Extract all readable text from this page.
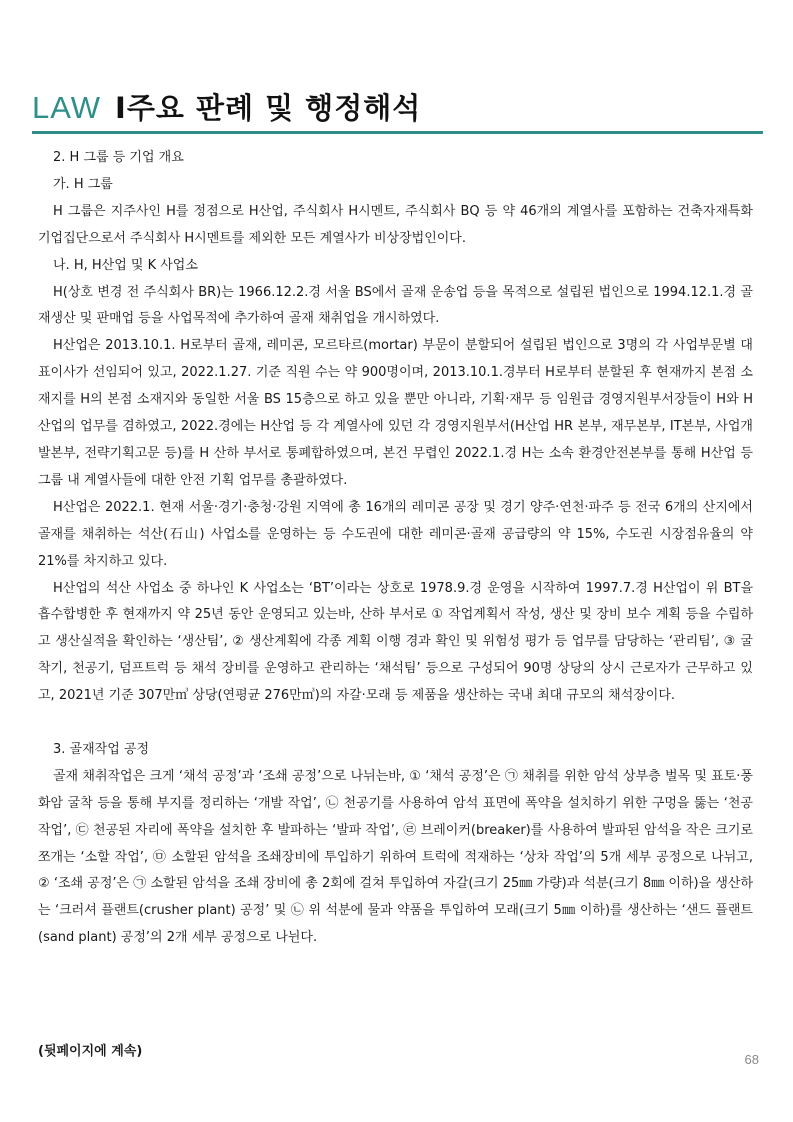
LAW Ⅰ주요 판례 및 행정해석

2. H 그룹 등 기업 개요

가. H 그룹

H 그룹은 지주사인 H를 정점으로 H산업, 주식회사 H시멘트, 주식회사 BQ 등 약 46개의 계열사를 포함하는 건축자재특화 기업집단으로서 주식회사 H시멘트를 제외한 모든 계열사가 비상장법인이다.

나. H, H산업 및 K 사업소

H(상호 변경 전 주식회사 BR)는 1966.12.2.경 서울 BS에서 골재 운송업 등을 목적으로 설립된 법인으로 1994.12.1.경 골재생산 및 판매업 등을 사업목적에 추가하여 골재 채취업을 개시하였다.

H산업은 2013.10.1. H로부터 골재, 레미콘, 모르타르(mortar) 부문이 분할되어 설립된 법인으로 3명의 각 사업부문별 대표이사가 선임되어 있고, 2022.1.27. 기준 직원 수는 약 900명이며, 2013.10.1.경부터 H로부터 분할된 후 현재까지 본점 소재지를 H의 본점 소재지와 동일한 서울 BS 15층으로 하고 있을 뿐만 아니라, 기획·재무 등 임원급 경영지원부서장들이 H와 H산업의 업무를 겸하였고, 2022.경에는 H산업 등 각 계열사에 있던 각 경영지원부서(H산업 HR 본부, 재무본부, IT본부, 사업개발본부, 전략기획고문 등)를 H 산하 부서로 통폐합하였으며, 본건 무렵인 2022.1.경 H는 소속 환경안전본부를 통해 H산업 등 그룹 내 계열사들에 대한 안전 기획 업무를 총괄하였다.

H산업은 2022.1. 현재 서울·경기·충청·강원 지역에 총 16개의 레미콘 공장 및 경기 양주·연천·파주 등 전국 6개의 산지에서 골재를 채취하는 석산(石山) 사업소를 운영하는 등 수도권에 대한 레미콘·골재 공급량의 약 15%, 수도권 시장점유율의 약 21%를 차지하고 있다.

H산업의 석산 사업소 중 하나인 K 사업소는 ‘BT’이라는 상호로 1978.9.경 운영을 시작하여 1997.7.경 H산업이 위 BT을 흡수합병한 후 현재까지 약 25년 동안 운영되고 있는바, 산하 부서로 ① 작업계획서 작성, 생산 및 장비 보수 계획 등을 수립하고 생산실적을 확인하는 ‘생산팀’, ② 생산계획에 각종 계획 이행 경과 확인 및 위험성 평가 등 업무를 담당하는 ‘관리팀’, ③ 굴착기, 천공기, 덤프트럭 등 채석 장비를 운영하고 관리하는 ‘채석팀’ 등으로 구성되어 90명 상당의 상시 근로자가 근무하고 있고, 2021년 기준 307만㎥ 상당(연평균 276만㎥)의 자갈·모래 등 제품을 생산하는 국내 최대 규모의 채석장이다.

3. 골재작업 공정

골재 채취작업은 크게 ‘채석 공정’과 ‘조쇄 공정’으로 나뉘는바, ① ‘채석 공정’은 ㉠ 채취를 위한 암석 상부층 벌목 및 표토·풍화암 굴착 등을 통해 부지를 정리하는 ‘개발 작업’, ㉡ 천공기를 사용하여 암석 표면에 폭약을 설치하기 위한 구멍을 뚫는 ‘천공작업’, ㉢ 천공된 자리에 폭약을 설치한 후 발파하는 ‘발파 작업’, ㉣ 브레이커(breaker)를 사용하여 발파된 암석을 작은 크기로 쪼개는 ‘소할 작업’, ㉤ 소할된 암석을 조쇄장비에 투입하기 위하여 트럭에 적재하는 ‘상차 작업’의 5개 세부 공정으로 나뉘고, ② ‘조쇄 공정’은 ㉠ 소할된 암석을 조쇄 장비에 총 2회에 걸쳐 투입하여 자갈(크기 25㎜ 가량)과 석분(크기 8㎜ 이하)을 생산하는 ‘크러셔 플랜트(crusher plant) 공정’ 및 ㉡ 위 석분에 물과 약품을 투입하여 모래(크기 5㎜ 이하)를 생산하는 ‘샌드 플랜트(sand plant) 공정’의 2개 세부 공정으로 나뉜다.

(뒷페이지에 계속)
68
